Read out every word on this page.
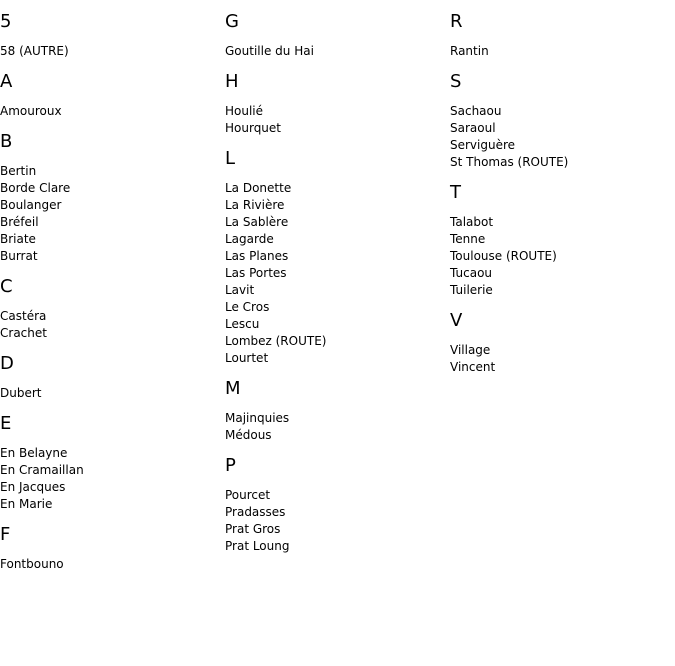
5
58 (AUTRE)
A
Amouroux
B
Bertin
Borde Clare
Boulanger
Bréfeil
Briate
Burrat
C
Castéra
Crachet
D
Dubert
E
En Belayne
En Cramaillan
En Jacques
En Marie
F
Fontbouno
G
Goutille du Hai
H
Houlié
Hourquet
L
La Donette
La Rivière
La Sablère
Lagarde
Las Planes
Las Portes
Lavit
Le Cros
Lescu
Lombez (ROUTE)
Lourtet
M
Majinquies
Médous
P
Pourcet
Pradasses
Prat Gros
Prat Loung
R
Rantin
S
Sachaou
Saraoul
Serviguère
St Thomas (ROUTE)
T
Talabot
Tenne
Toulouse (ROUTE)
Tucaou
Tuilerie
V
Village
Vincent
